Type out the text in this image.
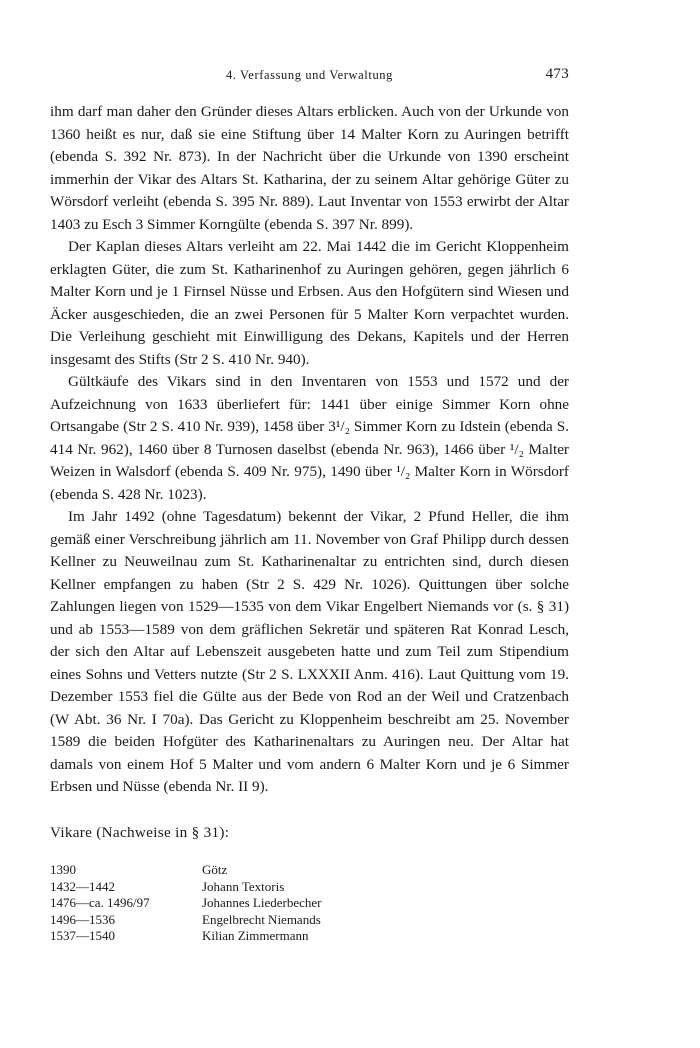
4. Verfassung und Verwaltung	473

ihm darf man daher den Gründer dieses Altars erblicken. Auch von der Urkunde von 1360 heißt es nur, daß sie eine Stiftung über 14 Malter Korn zu Auringen betrifft (ebenda S. 392 Nr. 873). In der Nachricht über die Urkunde von 1390 erscheint immerhin der Vikar des Altars St. Katharina, der zu seinem Altar gehörige Güter zu Wörsdorf verleiht (ebenda S. 395 Nr. 889). Laut Inventar von 1553 erwirbt der Altar 1403 zu Esch 3 Simmer Korngülte (ebenda S. 397 Nr. 899).

Der Kaplan dieses Altars verleiht am 22. Mai 1442 die im Gericht Kloppenheim erklagten Güter, die zum St. Katharinenhof zu Auringen gehören, gegen jährlich 6 Malter Korn und je 1 Firnsel Nüsse und Erbsen. Aus den Hofgütern sind Wiesen und Äcker ausgeschieden, die an zwei Personen für 5 Malter Korn verpachtet wurden. Die Verleihung geschieht mit Einwilligung des Dekans, Kapitels und der Herren insgesamt des Stifts (Str 2 S. 410 Nr. 940).

Gültkäufe des Vikars sind in den Inventaren von 1553 und 1572 und der Aufzeichnung von 1633 überliefert für: 1441 über einige Simmer Korn ohne Ortsangabe (Str 2 S. 410 Nr. 939), 1458 über 3¹/₂ Simmer Korn zu Idstein (ebenda S. 414 Nr. 962), 1460 über 8 Turnosen daselbst (ebenda Nr. 963), 1466 über ¹/₂ Malter Weizen in Walsdorf (ebenda S. 409 Nr. 975), 1490 über ¹/₂ Malter Korn in Wörsdorf (ebenda S. 428 Nr. 1023).

Im Jahr 1492 (ohne Tagesdatum) bekennt der Vikar, 2 Pfund Heller, die ihm gemäß einer Verschreibung jährlich am 11. November von Graf Philipp durch dessen Kellner zu Neuweilnau zum St. Katharinenaltar zu entrichten sind, durch diesen Kellner empfangen zu haben (Str 2 S. 429 Nr. 1026). Quittungen über solche Zahlungen liegen von 1529—1535 von dem Vikar Engelbert Niemands vor (s. § 31) und ab 1553—1589 von dem gräflichen Sekretär und späteren Rat Konrad Lesch, der sich den Altar auf Lebenszeit ausgebeten hatte und zum Teil zum Stipendium eines Sohns und Vetters nutzte (Str 2 S. LXXXII Anm. 416). Laut Quittung vom 19. Dezember 1553 fiel die Gülte aus der Bede von Rod an der Weil und Cratzenbach (W Abt. 36 Nr. I 70a). Das Gericht zu Kloppenheim beschreibt am 25. November 1589 die beiden Hofgüter des Katharinenaltars zu Auringen neu. Der Altar hat damals von einem Hof 5 Malter und vom andern 6 Malter Korn und je 6 Simmer Erbsen und Nüsse (ebenda Nr. II 9).

Vikare (Nachweise in § 31):
1390	Götz
1432—1442	Johann Textoris
1476—ca. 1496/97	Johannes Liederbecher
1496—1536	Engelbrecht Niemands
1537—1540	Kilian Zimmermann
